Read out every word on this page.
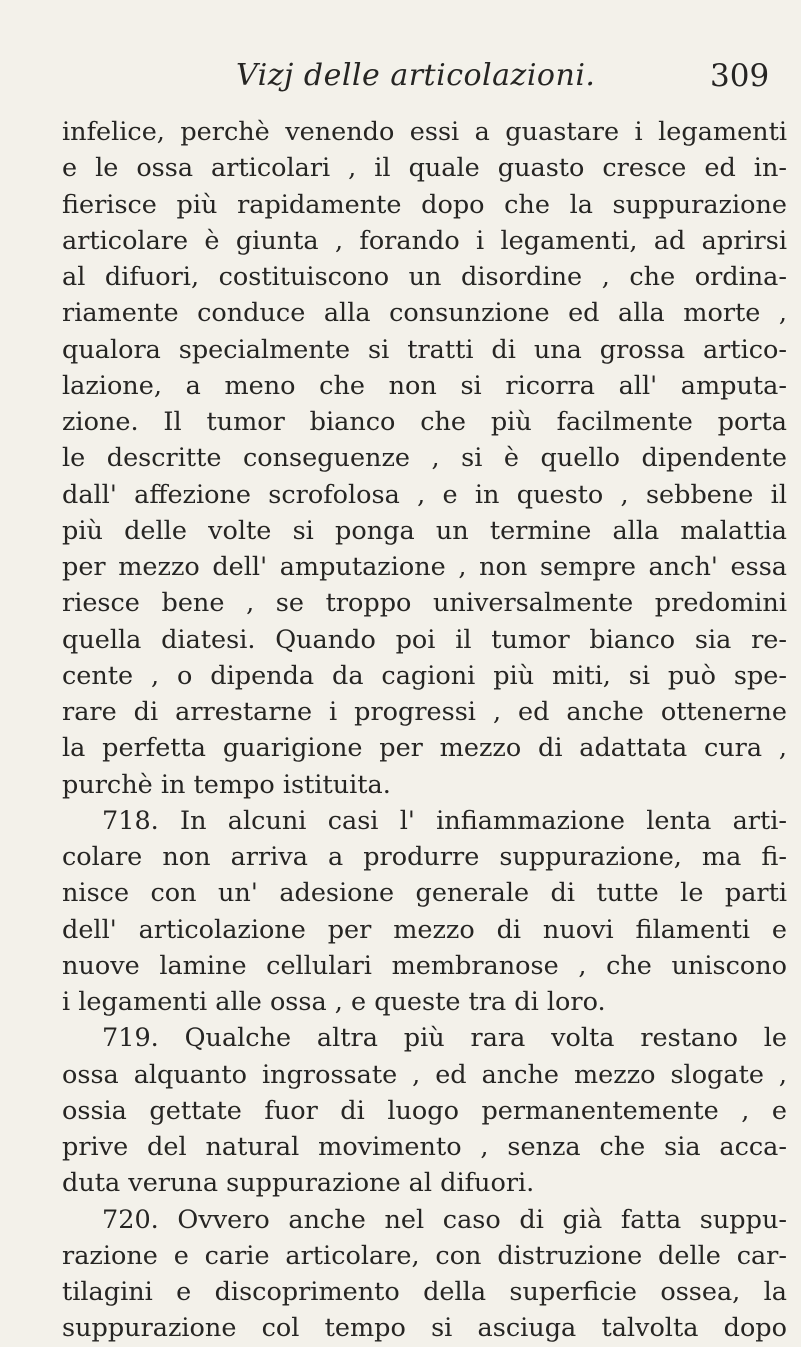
Vizj delle articolazioni.	309
infelice, perchè venendo essi a guastare i legamenti
e le ossa articolari , il quale guasto cresce ed in-
fierisce più rapidamente dopo che la suppurazione
articolare è giunta , forando i legamenti, ad aprirsi
al difuori, costituiscono un disordine , che ordina-
riamente conduce alla consunzione ed alla morte ,
qualora specialmente si tratti di una grossa artico-
lazione, a meno che non si ricorra all' amputa-
zione. Il tumor bianco che più facilmente porta
le descritte conseguenze , si è quello dipendente
dall' affezione scrofolosa , e in questo , sebbene il
più delle volte si ponga un termine alla malattia
per mezzo dell' amputazione , non sempre anch' essa
riesce bene , se troppo universalmente predomini
quella diatesi. Quando poi il tumor bianco sia re-
cente , o dipenda da cagioni più miti, si può spe-
rare di arrestarne i progressi , ed anche ottenerne
la perfetta guarigione per mezzo di adattata cura ,
purchè in tempo istituita.
718. In alcuni casi l' infiammazione lenta arti-
colare non arriva a produrre suppurazione, ma fi-
nisce con un' adesione generale di tutte le parti
dell' articolazione per mezzo di nuovi filamenti e
nuove lamine cellulari membranose , che uniscono
i legamenti alle ossa , e queste tra di loro.
719. Qualche altra più rara volta restano le
ossa alquanto ingrossate , ed anche mezzo slogate ,
ossia gettate fuor di luogo permanentemente , e
prive del natural movimento , senza che sia acca-
duta veruna suppurazione al difuori.
720. Ovvero anche nel caso di già fatta suppu-
razione e carie articolare, con distruzione delle car-
tilagini e discoprimento della superficie ossea, la
suppurazione col tempo si asciuga talvolta dopo
